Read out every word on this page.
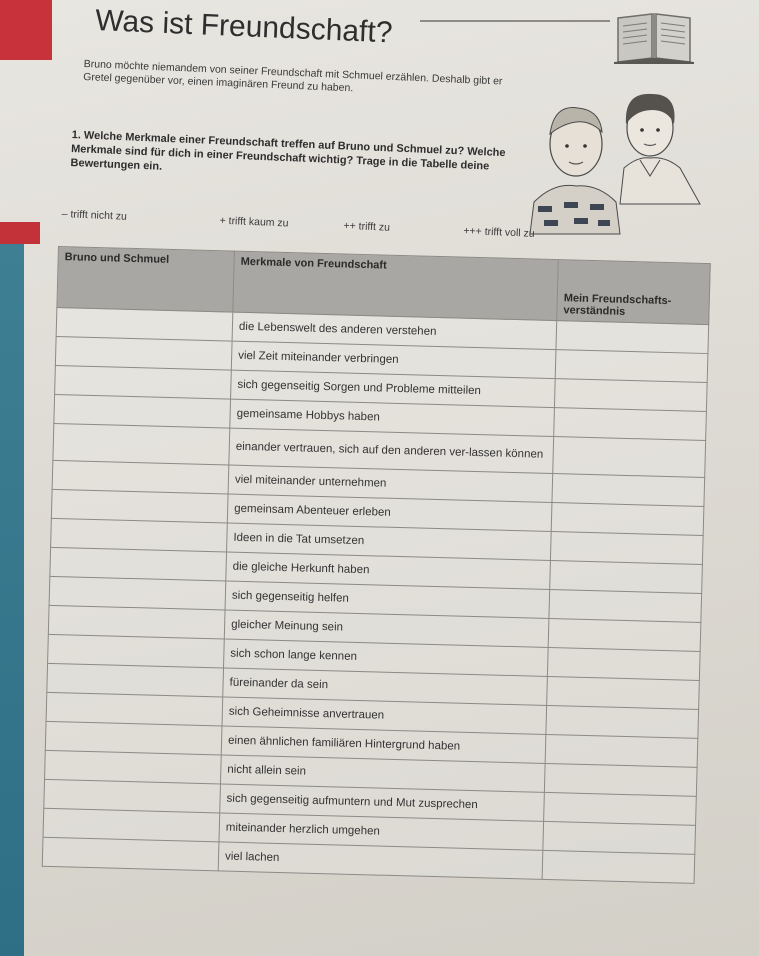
Was ist Freundschaft?
Bruno möchte niemandem von seiner Freundschaft mit Schmuel erzählen. Deshalb gibt er Gretel gegenüber vor, einen imaginären Freund zu haben.
1. Welche Merkmale einer Freundschaft treffen auf Bruno und Schmuel zu? Welche Merkmale sind für dich in einer Freundschaft wichtig? Trage in die Tabelle deine Bewertungen ein.
– trifft nicht zu	+ trifft kaum zu	++ trifft zu	+++ trifft voll zu
Bruno und Schmuel	Merkmale von Freundschaft	Mein Freundschafts-verständnis
	die Lebenswelt des anderen verstehen	
	viel Zeit miteinander verbringen	
	sich gegenseitig Sorgen und Probleme mitteilen	
	gemeinsame Hobbys haben	
	einander vertrauen, sich auf den anderen ver-lassen können	
	viel miteinander unternehmen	
	gemeinsam Abenteuer erleben	
	Ideen in die Tat umsetzen	
	die gleiche Herkunft haben	
	sich gegenseitig helfen	
	gleicher Meinung sein	
	sich schon lange kennen	
	füreinander da sein	
	sich Geheimnisse anvertrauen	
	einen ähnlichen familiären Hintergrund haben	
	nicht allein sein	
	sich gegenseitig aufmuntern und Mut zusprechen	
	miteinander herzlich umgehen	
	viel lachen	
